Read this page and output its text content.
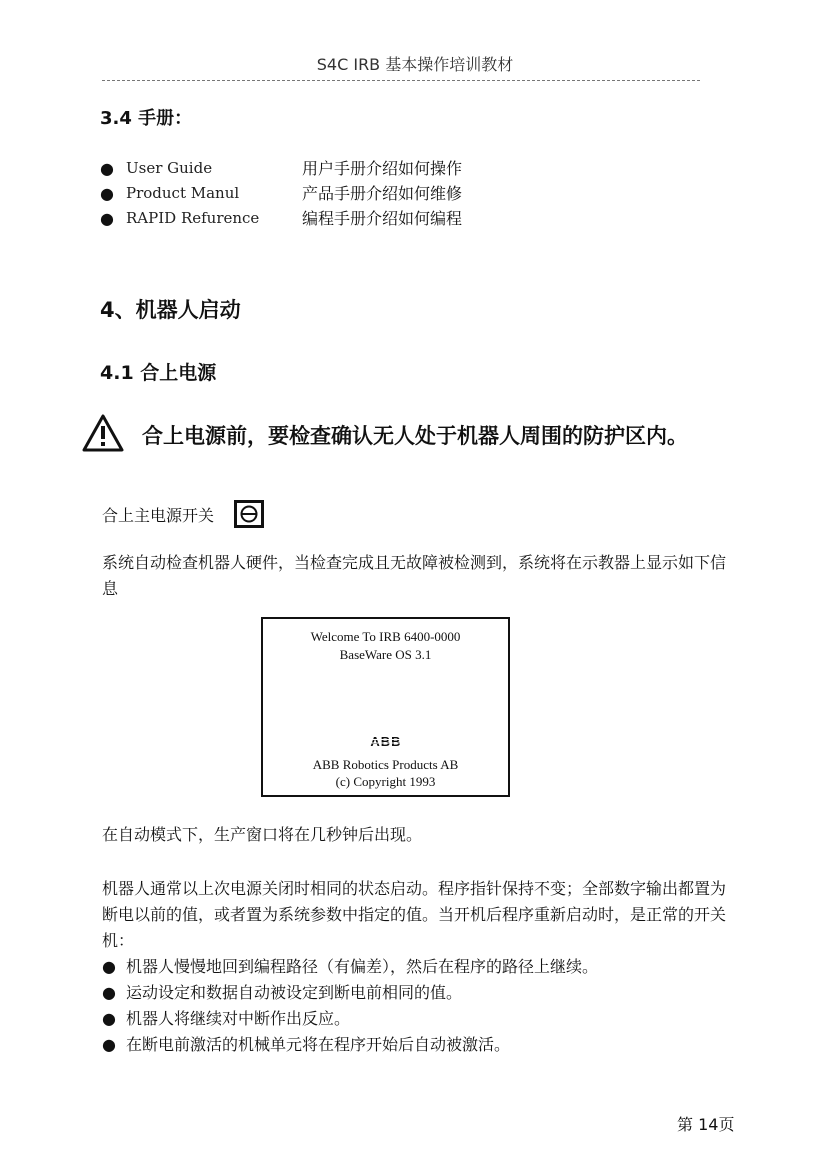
S4C IRB 基本操作培训教材
3.4 手册：
● User Guide	用户手册介绍如何操作
● Product Manul	产品手册介绍如何维修
● RAPID Refurence	编程手册介绍如何编程
4、机器人启动
4.1 合上电源
合上电源前，要检查确认无人处于机器人周围的防护区内。
合上主电源开关
系统自动检查机器人硬件，当检查完成且无故障被检测到，系统将在示教器上显示如下信息
Welcome To IRB 6400-0000
BaseWare OS 3.1
ABB
ABB Robotics Products AB
(c) Copyright 1993
在自动模式下，生产窗口将在几秒钟后出现。
机器人通常以上次电源关闭时相同的状态启动。程序指针保持不变；全部数字输出都置为断电以前的值，或者置为系统参数中指定的值。当开机后程序重新启动时，是正常的开关机：
● 机器人慢慢地回到编程路径（有偏差），然后在程序的路径上继续。
● 运动设定和数据自动被设定到断电前相同的值。
● 机器人将继续对中断作出反应。
● 在断电前激活的机械单元将在程序开始后自动被激活。
第 14页
